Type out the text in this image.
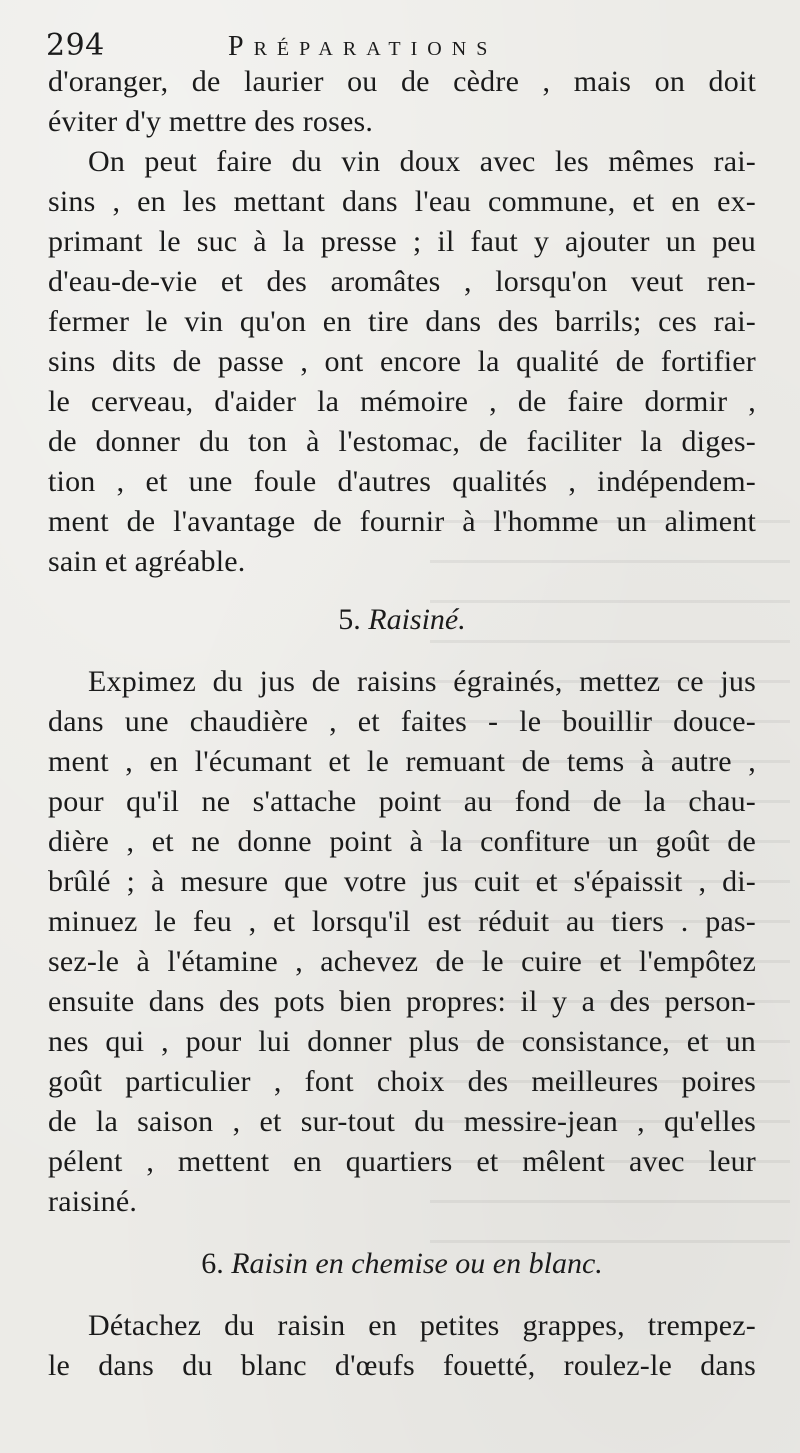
294	Préparations
d'oranger, de laurier ou de cèdre , mais on doit
éviter d'y mettre des roses.
On peut faire du vin doux avec les mêmes rai-
sins , en les mettant dans l'eau commune, et en ex-
primant le suc à la presse ; il faut y ajouter un peu
d'eau-de-vie et des aromâtes , lorsqu'on veut ren-
fermer le vin qu'on en tire dans des barrils; ces rai-
sins dits de passe , ont encore la qualité de fortifier
le cerveau, d'aider la mémoire , de faire dormir ,
de donner du ton à l'estomac, de faciliter la diges-
tion , et une foule d'autres qualités , indépendem-
ment de l'avantage de fournir à l'homme un aliment
sain et agréable.
5. Raisiné.
Expimez du jus de raisins égrainés, mettez ce jus
dans une chaudière , et faites - le bouillir douce-
ment , en l'écumant et le remuant de tems à autre ,
pour qu'il ne s'attache point au fond de la chau-
dière , et ne donne point à la confiture un goût de
brûlé ; à mesure que votre jus cuit et s'épaissit , di-
minuez le feu , et lorsqu'il est réduit au tiers . pas-
sez-le à l'étamine , achevez de le cuire et l'empôtez
ensuite dans des pots bien propres: il y a des person-
nes qui , pour lui donner plus de consistance, et un
goût particulier , font choix des meilleures poires
de la saison , et sur-tout du messire-jean , qu'elles
pélent , mettent en quartiers et mêlent avec leur
raisiné.
6. Raisin en chemise ou en blanc.
Détachez du raisin en petites grappes, trempez-
le dans du blanc d'œufs fouetté, roulez-le dans
